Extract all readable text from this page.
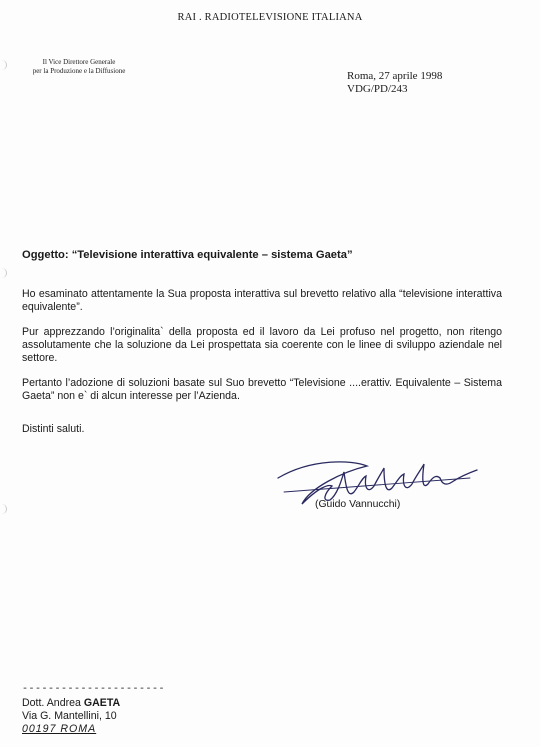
RAI . RADIOTELEVISIONE ITALIANA
Il Vice Direttore Generale
per la Produzione e la Diffusione	Roma, 27 aprile 1998
VDG/PD/243
Oggetto: “Televisione interattiva equivalente – sistema Gaeta”

Ho esaminato attentamente la Sua proposta interattiva sul brevetto relativo alla “televisione interattiva equivalente”.

Pur apprezzando l’originalita` della proposta ed il lavoro da Lei profuso nel progetto, non ritengo assolutamente che la soluzione da Lei prospettata sia coerente con le linee di sviluppo aziendale nel settore.

Pertanto l’adozione di soluzioni basate sul Suo brevetto “Televisione ....erattiv. Equivalente – Sistema Gaeta” non e` di alcun interesse per l’Azienda.

Distinti saluti.
(Guido Vannucchi)
----------------------
Dott. Andrea GAETA
Via G. Mantellini, 10
00197 ROMA
